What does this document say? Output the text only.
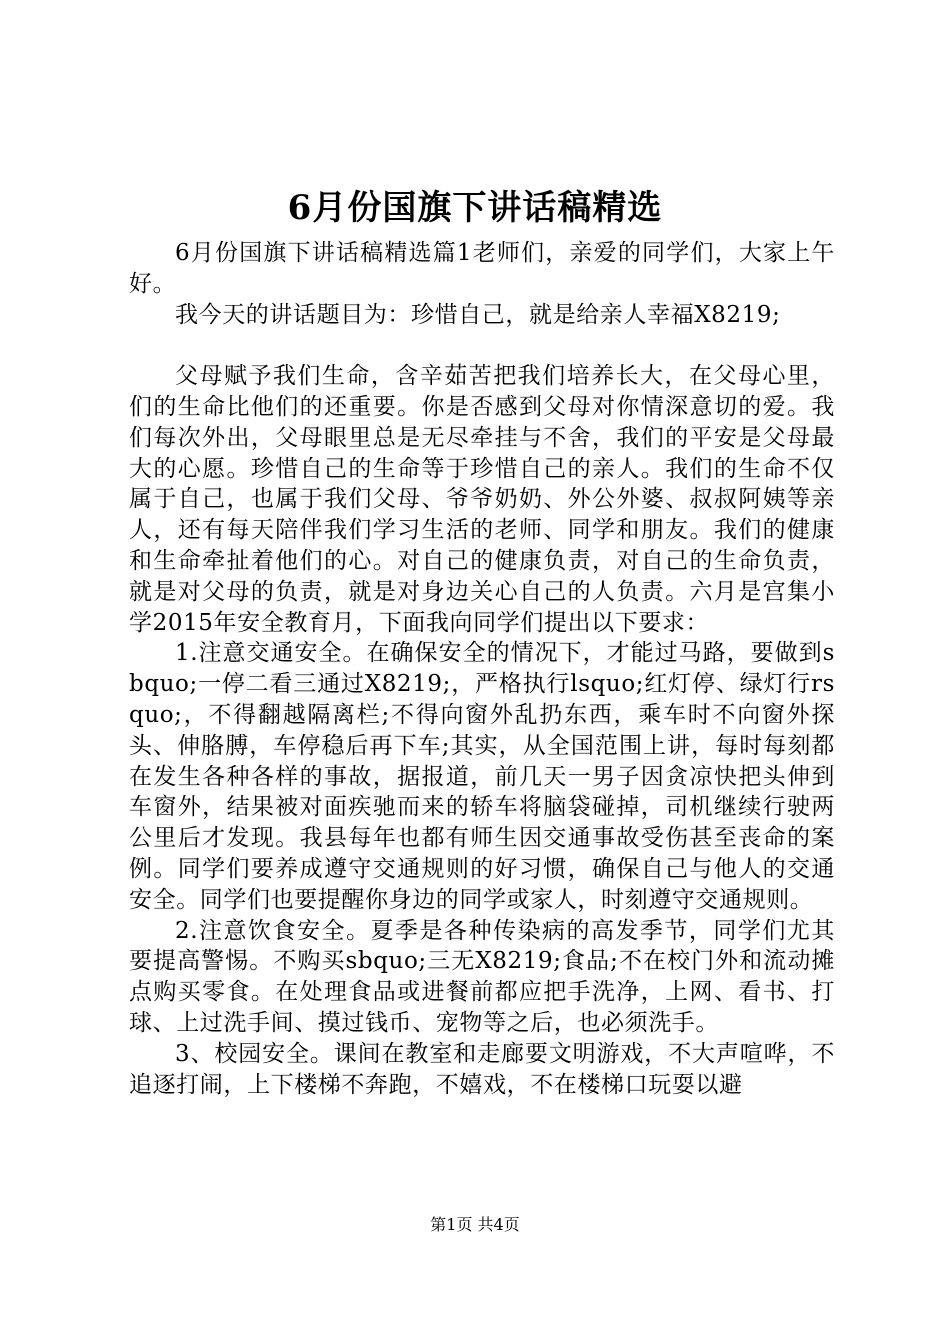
6月份国旗下讲话稿精选

6月份国旗下讲话稿精选篇1老师们，亲爱的同学们，大家上午好。

我今天的讲话题目为：珍惜自己，就是给亲人幸福X8219;

父母赋予我们生命，含辛茹苦把我们培养长大，在父母心里，们的生命比他们的还重要。你是否感到父母对你情深意切的爱。我们每次外出，父母眼里总是无尽牵挂与不舍，我们的平安是父母最大的心愿。珍惜自己的生命等于珍惜自己的亲人。我们的生命不仅属于自己，也属于我们父母、爷爷奶奶、外公外婆、叔叔阿姨等亲人，还有每天陪伴我们学习生活的老师、同学和朋友。我们的健康和生命牵扯着他们的心。对自己的健康负责，对自己的生命负责，就是对父母的负责，就是对身边关心自己的人负责。六月是宫集小学2015年安全教育月，下面我向同学们提出以下要求：

1.注意交通安全。在确保安全的情况下，才能过马路，要做到sbquo;一停二看三通过X8219;，严格执行lsquo;红灯停、绿灯行rsquo;，不得翻越隔离栏;不得向窗外乱扔东西，乘车时不向窗外探头、伸胳膊，车停稳后再下车;其实，从全国范围上讲，每时每刻都在发生各种各样的事故，据报道，前几天一男子因贪凉快把头伸到车窗外，结果被对面疾驰而来的轿车将脑袋碰掉，司机继续行驶两公里后才发现。我县每年也都有师生因交通事故受伤甚至丧命的案例。同学们要养成遵守交通规则的好习惯，确保自己与他人的交通安全。同学们也要提醒你身边的同学或家人，时刻遵守交通规则。

2.注意饮食安全。夏季是各种传染病的高发季节，同学们尤其要提高警惕。不购买sbquo;三无X8219;食品;不在校门外和流动摊点购买零食。在处理食品或进餐前都应把手洗净，上网、看书、打球、上过洗手间、摸过钱币、宠物等之后，也必须洗手。

3、校园安全。课间在教室和走廊要文明游戏，不大声喧哗，不追逐打闹，上下楼梯不奔跑，不嬉戏，不在楼梯口玩耍以避

第1页 共4页
